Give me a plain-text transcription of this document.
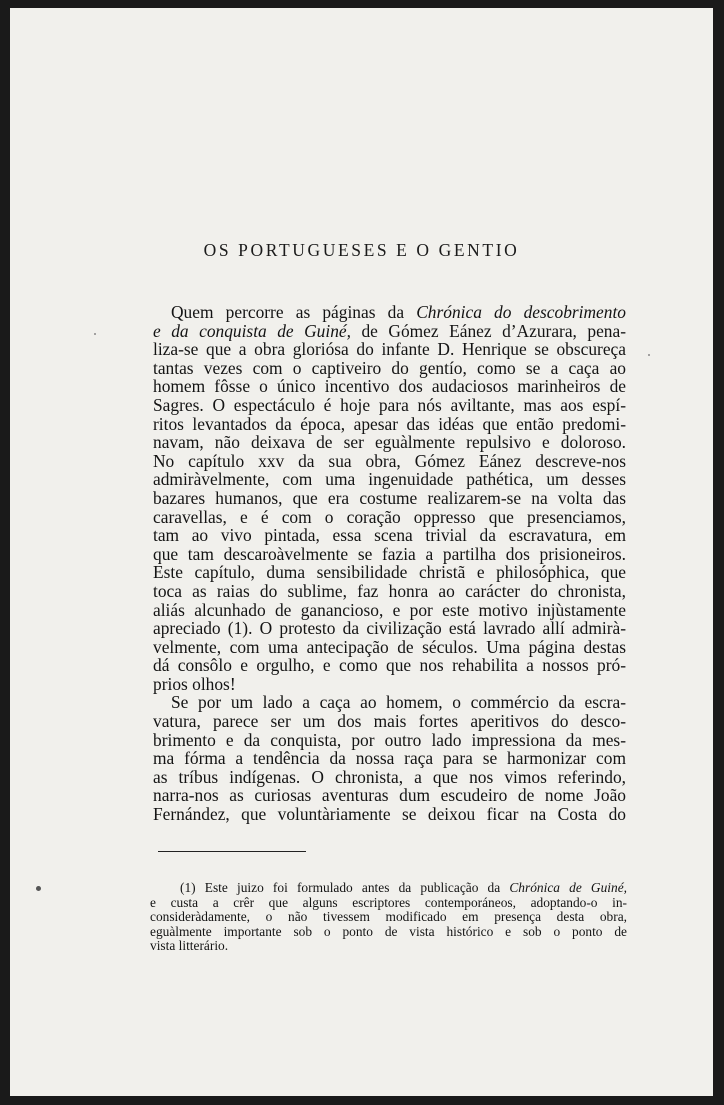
OS PORTUGUESES E O GENTIO
Quem percorre as páginas da Chrónica do descobrimento
e da conquista de Guiné, de Gómez Eánez d’Azurara, pena-
liza-se que a obra gloriósa do infante D. Henrique se obscureça
tantas vezes com o captiveiro do gentío, como se a caça ao
homem fôsse o único incentivo dos audaciosos marinheiros de
Sagres. O espectáculo é hoje para nós aviltante, mas aos espí-
ritos levantados da época, apesar das idéas que então predomi-
navam, não deixava de ser eguàlmente repulsivo e doloroso.
No capítulo xxv da sua obra, Gómez Eánez descreve-nos
admiràvelmente, com uma ingenuidade pathética, um desses
bazares humanos, que era costume realizarem-se na volta das
caravellas, e é com o coração oppresso que presenciamos,
tam ao vivo pintada, essa scena trivial da escravatura, em
que tam descaroàvelmente se fazia a partilha dos prisioneiros.
Este capítulo, duma sensibilidade christã e philosóphica, que
toca as raias do sublime, faz honra ao carácter do chronista,
aliás alcunhado de ganancioso, e por este motivo injùstamente
apreciado (1). O protesto da civilização está lavrado allí admirà-
velmente, com uma antecipação de séculos. Uma página destas
dá consôlo e orgulho, e como que nos rehabilita a nossos pró-
prios olhos!
Se por um lado a caça ao homem, o commércio da escra-
vatura, parece ser um dos mais fortes aperitivos do desco-
brimento e da conquista, por outro lado impressiona da mes-
ma fórma a tendência da nossa raça para se harmonizar com
as tríbus indígenas. O chronista, a que nos vimos referindo,
narra-nos as curiosas aventuras dum escudeiro de nome João
Fernández, que voluntàriamente se deixou ficar na Costa do
(1) Este juizo foi formulado antes da publicação da Chrónica de Guiné,
e custa a crêr que alguns escriptores contemporáneos, adoptando-o in-
consideràdamente, o não tivessem modificado em presença desta obra,
eguàlmente importante sob o ponto de vista histórico e sob o ponto de
vista litterário.
